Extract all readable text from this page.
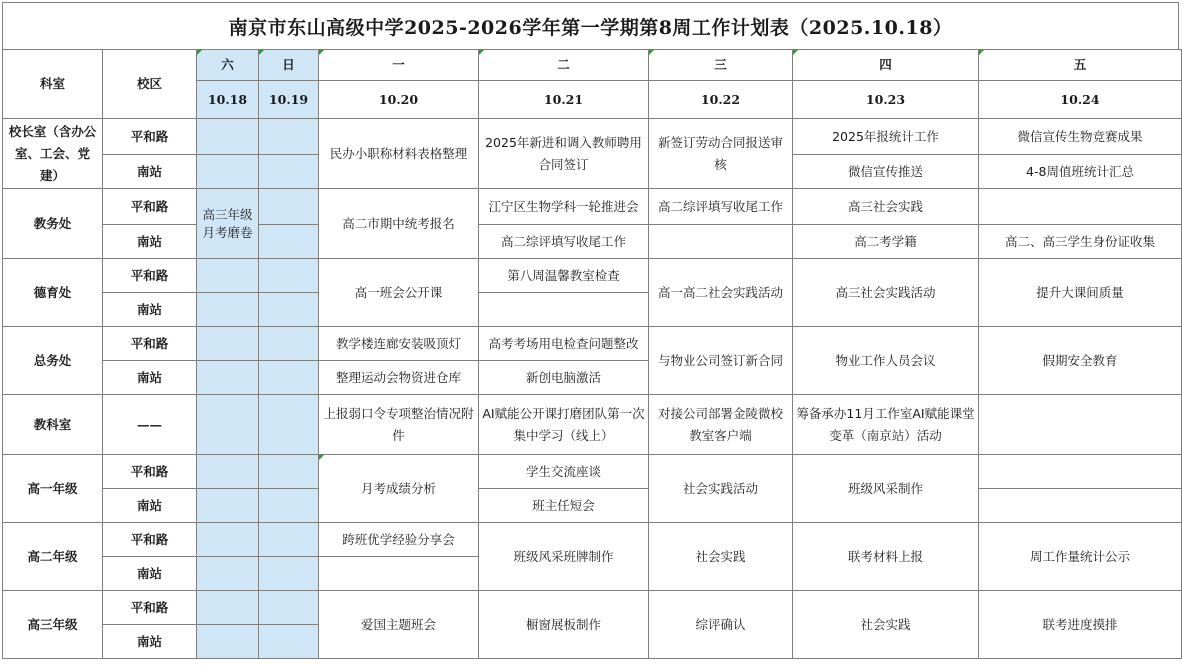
南京市东山高级中学2025-2026学年第一学期第8周工作计划表（2025.10.18）
科室	校区	六	日	一	二	三	四	五
		10.18	10.19	10.20	10.21	10.22	10.23	10.24
校长室（含办公室、工会、党建）	平和路			民办小职称材料表格整理	2025年新进和调入教师聘用合同签订	新签订劳动合同报送审核	2025年报统计工作	微信宣传生物竞赛成果
	南站						微信宣传推送	4-8周值班统计汇总
教务处	平和路	高三年级月考磨卷		高二市期中统考报名	江宁区生物学科一轮推进会	高二综评填写收尾工作	高三社会实践	
	南站				高二综评填写收尾工作		高二考学籍	高二、高三学生身份证收集
德育处	平和路			高一班会公开课	第八周温馨教室检查	高一高二社会实践活动	高三社会实践活动	提升大课间质量
	南站							
总务处	平和路			教学楼连廊安装吸顶灯	高考考场用电检查问题整改	与物业公司签订新合同	物业工作人员会议	假期安全教育
	南站			整理运动会物资进仓库	新创电脑激活			
教科室	——			上报弱口令专项整治情况附件	AI赋能公开课打磨团队第一次集中学习（线上）	对接公司部署金陵微校教室客户端	筹备承办11月工作室AI赋能课堂变革（南京站）活动	
高一年级	平和路			月考成绩分析	学生交流座谈	社会实践活动	班级风采制作	
	南站				班主任短会			
高二年级	平和路			跨班优学经验分享会	班级风采班牌制作	社会实践	联考材料上报	周工作量统计公示
	南站							
高三年级	平和路			爱国主题班会	橱窗展板制作	综评确认	社会实践	联考进度摸排
	南站							
